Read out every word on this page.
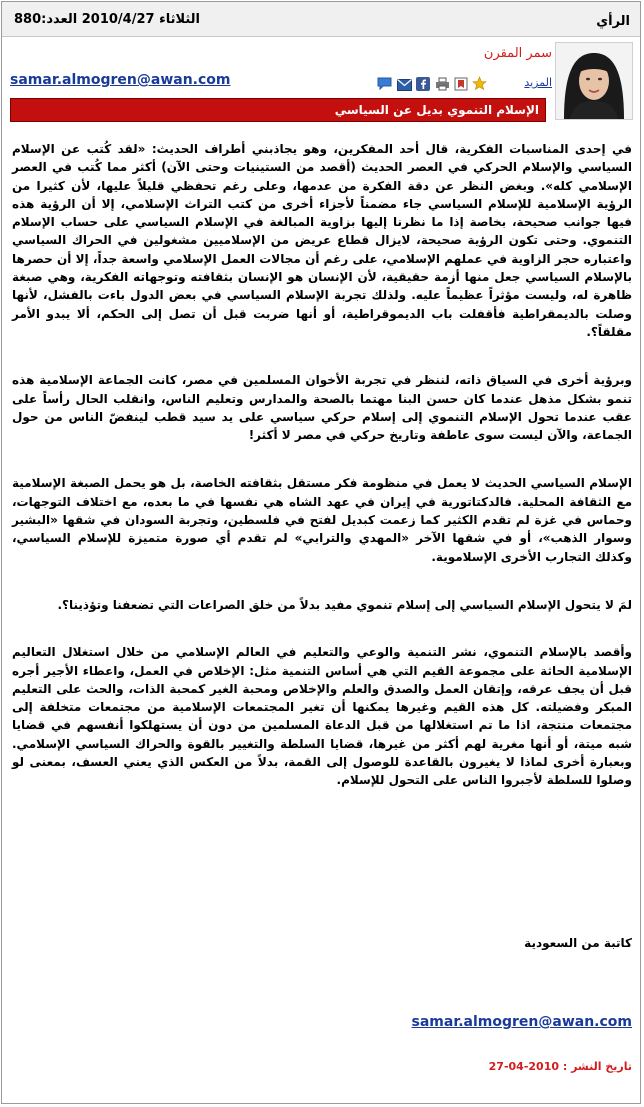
الرأي
الثلاثاء 2010/4/27 العدد:880
سمر المقرن
samar.almogren@awan.com	المزيد
الإسلام التنموي بديل عن السياسي

في إحدى المناسبات الفكرية، قال أحد المفكرين، وهو يجاذبني أطراف الحديث: «لقد كُتب عن الإسلام السياسي والإسلام الحركي في العصر الحديث (أقصد من الستينيات وحتى الآن) أكثر مما كُتب في العصر الإسلامي كله». وبغض النظر عن دقة الفكرة من عدمها، وعلى رغم تحفظي قليلاً عليها، لأن كثيرا من الرؤية الإسلامية للإسلام السياسي جاء مضمناً لأجزاء أخرى من كتب التراث الإسلامي، إلا أن الرؤية هذه فيها جوانب صحيحة، بخاصة إذا ما نظرنا إليها بزاوية المبالغة في الإسلام السياسي على حساب الإسلام التنموي. وحتى تكون الرؤية صحيحة، لايزال قطاع عريض من الإسلاميين مشغولين في الحراك السياسي واعتباره حجر الزاوية في عملهم الإسلامي، على رغم أن مجالات العمل الإسلامي واسعة جداً، إلا أن حصرها بالإسلام السياسي جعل منها أزمة حقيقية، لأن الإنسان هو الإنسان بثقافته وتوجهاته الفكرية، وهي صبغة ظاهرة له، وليست مؤثراً عظيماً عليه. ولذلك تجربة الإسلام السياسي في بعض الدول باءت بالفشل، لأنها وصلت بالديمقراطية فأقفلت باب الديموقراطية، أو أنها ضربت قبل أن تصل إلى الحكم، ألا يبدو الأمر مقلقاً؟.

وبرؤية أخرى في السياق ذاته، لننظر في تجربة الأخوان المسلمين في مصر، كانت الجماعة الإسلامية هذه تنمو بشكل مذهل عندما كان حسن البنا مهتما بالصحة والمدارس وتعليم الناس، وانقلب الحال رأساً على عقب عندما تحول الإسلام التنموي إلى إسلام حركي سياسي على يد سيد قطب لينفضّ الناس من حول الجماعة، والآن ليست سوى عاطفة وتاريخ حركي في مصر لا أكثر!

الإسلام السياسي الحديث لا يعمل في منظومة فكر مستقل بثقافته الخاصة، بل هو يحمل الصبغة الإسلامية مع الثقافة المحلية. فالدكتاتورية في إيران في عهد الشاه هي نفسها في ما بعده، مع اختلاف التوجهات، وحماس في غزة لم تقدم الكثير كما زعمت كبديل لفتح في فلسطين، وتجربة السودان في شقها «البشير وسوار الذهب»، أو في شقها الآخر «المهدي والترابي» لم تقدم أي صورة متميزة للإسلام السياسي، وكذلك التجارب الأخرى الإسلاموية.

لمَ لا يتحول الإسلام السياسي إلى إسلام تنموي مفيد بدلاً من خلق الصراعات التي تضعفنا وتؤذينا؟.

وأقصد بالإسلام التنموي، نشر التنمية والوعي والتعليم في العالم الإسلامي من خلال استغلال التعاليم الإسلامية الحاثة على مجموعة القيم التي هي أساس التنمية مثل: الإخلاص في العمل، واعطاء الأجير أجره قبل أن يجف عرقه، وإتقان العمل والصدق والعلم والإخلاص ومحبة الغير كمحبة الذات، والحث على التعليم المبكر وفضيلته. كل هذه القيم وغيرها يمكنها أن تغير المجتمعات الإسلامية من مجتمعات متخلفة إلى مجتمعات منتجة، اذا ما تم استغلالها من قبل الدعاة المسلمين من دون أن يستهلكوا أنفسهم في قضايا شبه ميتة، أو أنها مغرية لهم أكثر من غيرها، قضايا السلطة والتغيير بالقوة والحراك السياسي الإسلامي. وبعبارة أخرى لماذا لا يغيرون بالقاعدة للوصول إلى القمة، بدلاً من العكس الذي يعني العسف، بمعنى لو وصلوا للسلطة لأجبروا الناس على التحول للإسلام.

كاتبة من السعودية
samar.almogren@awan.com
تاريخ النشر : 27-04-2010
